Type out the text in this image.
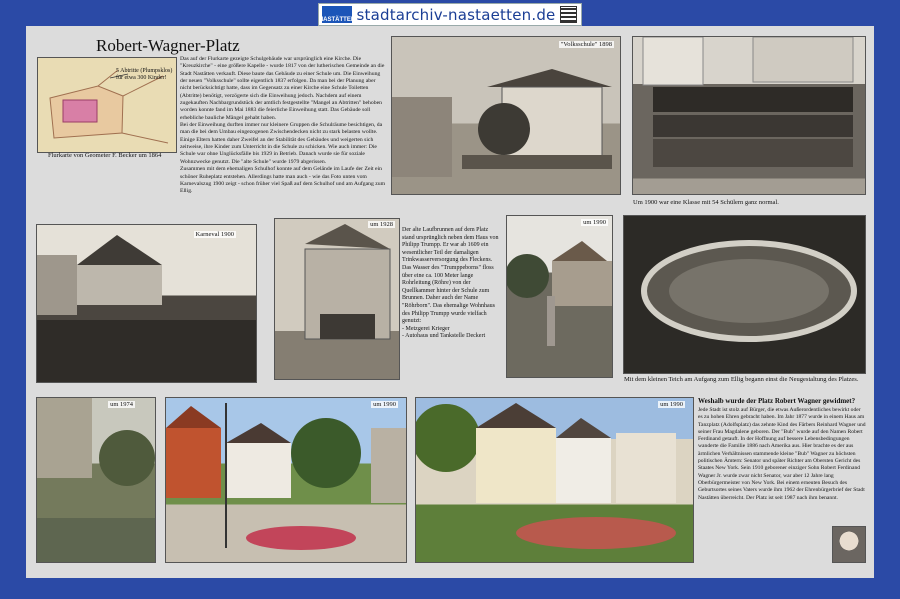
NASTÄTTEN stadtarchiv-nastaetten.de
Robert-Wagner-Platz
5 Abtritte (Plumpsklos) für etwa 300 Kinder!
Flurkarte von Geometer F. Becker um 1864

Das auf der Flurkarte gezeigte Schulgebäude war ursprünglich eine Kirche. Die "Kreuzkirche" - eine größere Kapelle - wurde 1817 von der lutherischen Gemeinde an die Stadt Nastätten verkauft. Diese baute das Gebäude zu einer Schule um. Die Einweihung der neuen "Volksschule" sollte eigentlich 1837 erfolgen. Da man bei der Planung aber nicht berücksichtigt hatte, dass im Gegensatz zu einer Kirche eine Schule Toiletten (Abtritte) benötigt, verzögerte sich die Einweihung jedoch. Nachdem auf einem zugekauften Nachbargrundstück der amtlich festgestellte "Mangel an Abtritten" behoben worden konnte fand im Mai 1883 die feierliche Einweihung statt. Das Gebäude soll erhebliche bauliche Mängel gehabt haben.

Bei der Einweihung durften immer nur kleinere Gruppen die Schulräume besichtigen, da man die bei dem Umbau eingezogenen Zwischendecken nicht zu stark belasten wollte. Einige Eltern hatten daher Zweifel an der Stabilität des Gebäudes und weigerten sich zeitweise, ihre Kinder zum Unterricht in die Schule zu schicken. Wie auch immer: Die Schule war ohne Unglücksfälle bis 1929 in Betrieb. Danach wurde sie für soziale Wohnzwecke genutzt. Die "alte Schule" wurde 1979 abgerissen.

Zusammen mit dem ehemaligen Schulhof konnte auf dem Gelände im Laufe der Zeit ein schöner Ruheplatz entstehen. Allerdings hatte man auch - wie das Foto unten vom Karnevalszug 1900 zeigt - schon früher viel Spaß auf dem Schulhof und am Aufgang zum Ellig.

"Volksschule" 1898
Um 1900 war eine Klasse mit 54 Schülern ganz normal.
Karneval 1900
um 1928

Der alte Laufbrunnen auf dem Platz stand ursprünglich neben dem Haus von Philipp Trumpp. Er war ab 1609 ein wesentlicher Teil der damaligen Trinkwasserversorgung des Fleckens. Das Wasser des "Trumppeborns" floss über eine ca. 100 Meter lange Rohrleitung (Röhre) von der Quellkammer hinter der Schule zum Brunnen. Daher auch der Name "Röhrborn". Das ehemalige Wohnhaus des Philipp Trumpp wurde vielfach genutzt:

- Metzgerei Krieger

- Autohaus und Tankstelle Deckert

um 1990
Mit dem kleinen Teich am Aufgang zum Ellig begann einst die Neugestaltung des Platzes.
um 1974	um 1990	um 1990 Weshalb wurde der Platz Robert Wagner gewidmet?
Jede Stadt ist stolz auf Bürger, die etwas Außerordentliches bewirkt oder es zu hohen Ehren gebracht haben. Im Jahr 1877 wurde in einem Haus am Tanzplatz (Adolfsplatz) das zehnte Kind des Färbers Reinhard Wagner und seiner Frau Magdalene geboren. Der "Bub" wurde auf den Namen Robert Ferdinand getauft. In der Hoffnung auf bessere Lebensbedingungen wanderte die Familie 1886 nach Amerika aus. Hier brachte es der aus ärmlichen Verhältnissen stammende kleine "Bub" Wagner zu höchsten politischen Ämtern: Senator und später Richter am Obersten Gericht des Staates New York. Sein 1910 geborener einziger Sohn Robert Ferdinand Wagner Jr. wurde zwar nicht Senator, war aber 12 Jahre lang Oberbürgermeister von New York. Bei einem erneuten Besuch des Geburtsortes seines Vaters wurde ihm 1962 der Ehrenbürgerbrief der Stadt Nastätten überreicht. Der Platz ist seit 1987 nach ihm benannt.
